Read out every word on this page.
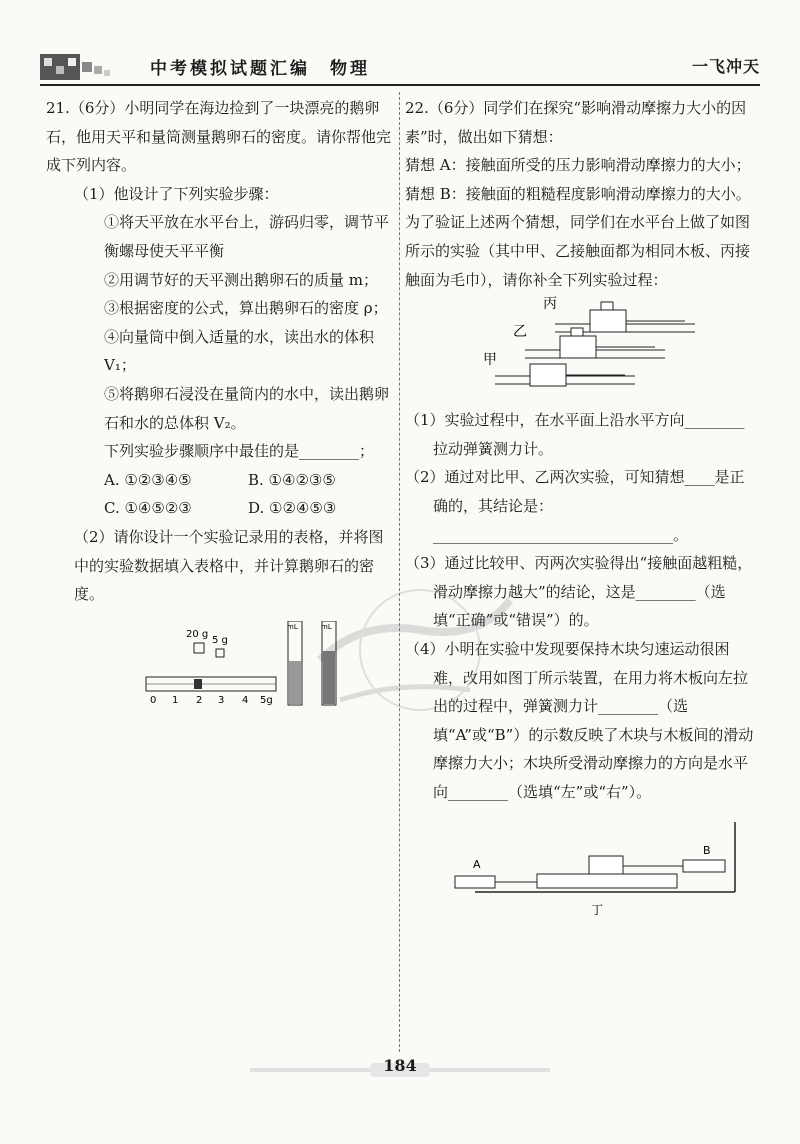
中考模拟试题汇编　物理	一飞冲天
21.（6分）小明同学在海边捡到了一块漂亮的鹅卵石，他用天平和量筒测量鹅卵石的密度。请你帮他完成下列内容。
（1）他设计了下列实验步骤：
①将天平放在水平台上，游码归零，调节平衡螺母使天平平衡
②用调节好的天平测出鹅卵石的质量 m；
③根据密度的公式，算出鹅卵石的密度 ρ；
④向量筒中倒入适量的水，读出水的体积 V₁；
⑤将鹅卵石浸没在量筒内的水中，读出鹅卵石和水的总体积 V₂。
下列实验步骤顺序中最佳的是________；
A. ①②③④⑤	B. ①④②③⑤
C. ①④⑤②③	D. ①②④⑤③
（2）请你设计一个实验记录用的表格，并将图中的实验数据填入表格中，并计算鹅卵石的密度。
20 g
5 g
0 1 2 3 4 5g
mL	mL
22.（6分）同学们在探究“影响滑动摩擦力大小的因素”时，做出如下猜想：
猜想 A：接触面所受的压力影响滑动摩擦力的大小；
猜想 B：接触面的粗糙程度影响滑动摩擦力的大小。
为了验证上述两个猜想，同学们在水平台上做了如图所示的实验（其中甲、乙接触面都为相同木板、丙接触面为毛巾），请你补全下列实验过程：
丙
乙
甲
（1）实验过程中，在水平面上沿水平方向________拉动弹簧测力计。
（2）通过对比甲、乙两次实验，可知猜想____是正确的，其结论是：________________________________。
（3）通过比较甲、丙两次实验得出“接触面越粗糙，滑动摩擦力越大”的结论，这是________（选填“正确”或“错误”）的。
（4）小明在实验中发现要保持木块匀速运动很困难，改用如图丁所示装置，在用力将木板向左拉出的过程中，弹簧测力计________（选填“A”或“B”）的示数反映了木块与木板间的滑动摩擦力大小；木块所受滑动摩擦力的方向是水平向________（选填“左”或“右”）。
A
B
丁
184
